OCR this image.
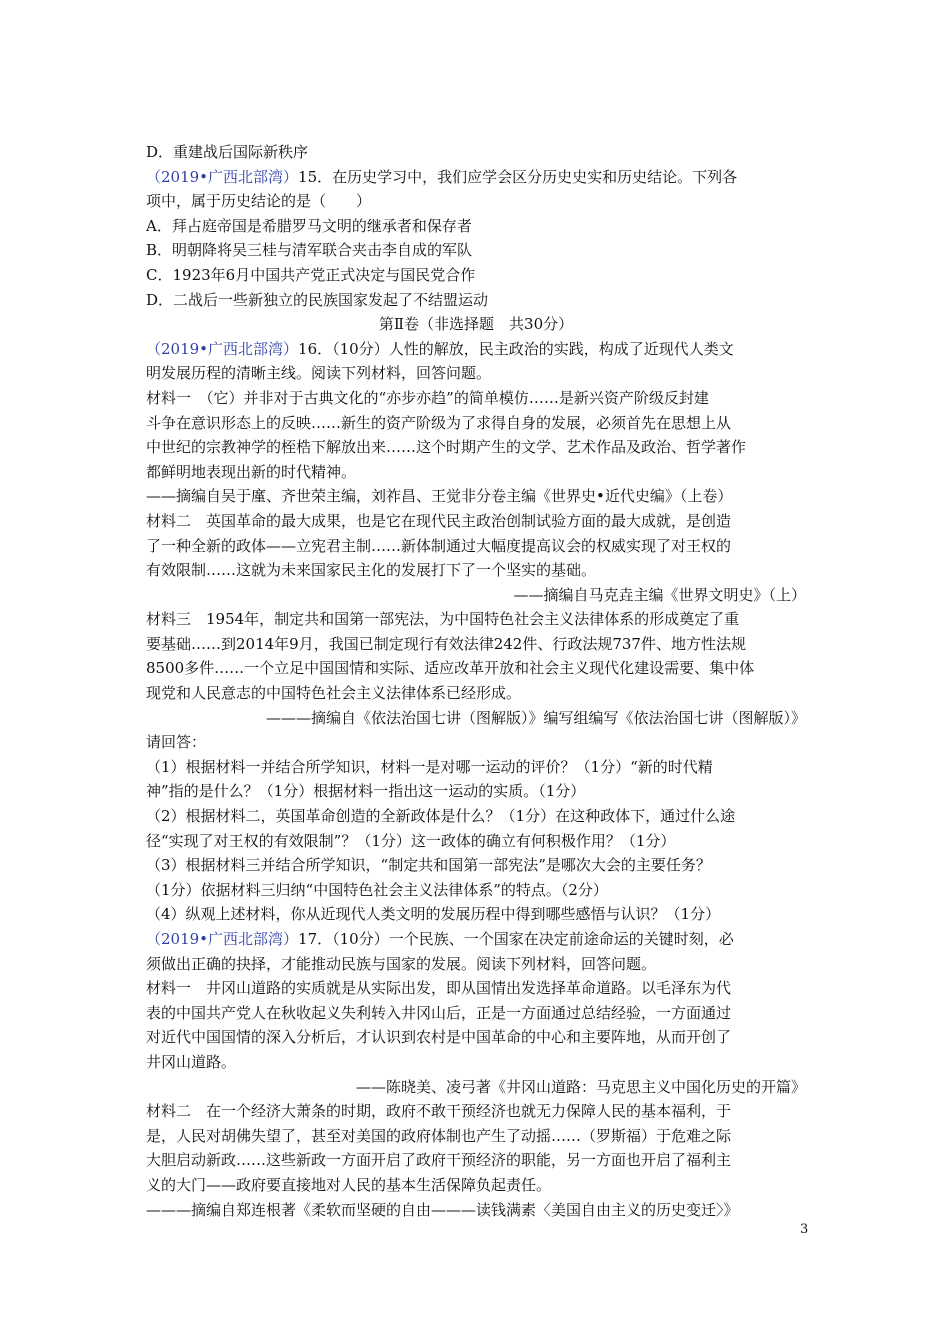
D．重建战后国际新秩序
（2019•广西北部湾）15．在历史学习中，我们应学会区分历史史实和历史结论。下列各
项中，属于历史结论的是（　　）
A．拜占庭帝国是希腊罗马文明的继承者和保存者
B．明朝降将吴三桂与清军联合夹击李自成的军队
C．1923年6月中国共产党正式决定与国民党合作
D．二战后一些新独立的民族国家发起了不结盟运动
第Ⅱ卷（非选择题　共30分）
（2019•广西北部湾）16．（10分）人性的解放，民主政治的实践，构成了近现代人类文
明发展历程的清晰主线。阅读下列材料，回答问题。
材料一　（它）并非对于古典文化的“亦步亦趋”的简单模仿……是新兴资产阶级反封建
斗争在意识形态上的反映……新生的资产阶级为了求得自身的发展，必须首先在思想上从
中世纪的宗教神学的桎梏下解放出来……这个时期产生的文学、艺术作品及政治、哲学著作
都鲜明地表现出新的时代精神。
——摘编自吴于廑、齐世荣主编，刘祚昌、王觉非分卷主编《世界史•近代史编》（上卷）
材料二　英国革命的最大成果，也是它在现代民主政治创制试验方面的最大成就，是创造
了一种全新的政体——立宪君主制……新体制通过大幅度提高议会的权威实现了对王权的
有效限制……这就为未来国家民主化的发展打下了一个坚实的基础。
——摘编自马克垚主编《世界文明史》（上）
材料三　1954年，制定共和国第一部宪法，为中国特色社会主义法律体系的形成奠定了重
要基础……到2014年9月，我国已制定现行有效法律242件、行政法规737件、地方性法规
8500多件……一个立足中国国情和实际、适应改革开放和社会主义现代化建设需要、集中体
现党和人民意志的中国特色社会主义法律体系已经形成。
———摘编自《依法治国七讲（图解版）》编写组编写《依法治国七讲（图解版）》
请回答：
（1）根据材料一并结合所学知识，材料一是对哪一运动的评价？（1分）“新的时代精
神”指的是什么？（1分）根据材料一指出这一运动的实质。（1分）
（2）根据材料二，英国革命创造的全新政体是什么？（1分）在这种政体下，通过什么途
径“实现了对王权的有效限制”？（1分）这一政体的确立有何积极作用？（1分）
（3）根据材料三并结合所学知识，“制定共和国第一部宪法”是哪次大会的主要任务？
（1分）依据材料三归纳“中国特色社会主义法律体系”的特点。（2分）
（4）纵观上述材料，你从近现代人类文明的发展历程中得到哪些感悟与认识？（1分）
（2019•广西北部湾）17．（10分）一个民族、一个国家在决定前途命运的关键时刻，必
须做出正确的抉择，才能推动民族与国家的发展。阅读下列材料，回答问题。
材料一　井冈山道路的实质就是从实际出发，即从国情出发选择革命道路。以毛泽东为代
表的中国共产党人在秋收起义失利转入井冈山后，正是一方面通过总结经验，一方面通过
对近代中国国情的深入分析后，才认识到农村是中国革命的中心和主要阵地，从而开创了
井冈山道路。
——陈晓美、凌弓著《井冈山道路：马克思主义中国化历史的开篇》
材料二　在一个经济大萧条的时期，政府不敢干预经济也就无力保障人民的基本福利，于
是，人民对胡佛失望了，甚至对美国的政府体制也产生了动摇……（罗斯福）于危难之际
大胆启动新政……这些新政一方面开启了政府干预经济的职能，另一方面也开启了福利主
义的大门——政府要直接地对人民的基本生活保障负起责任。
———摘编自郑连根著《柔软而坚硬的自由———读钱满素〈美国自由主义的历史变迁〉》
3
